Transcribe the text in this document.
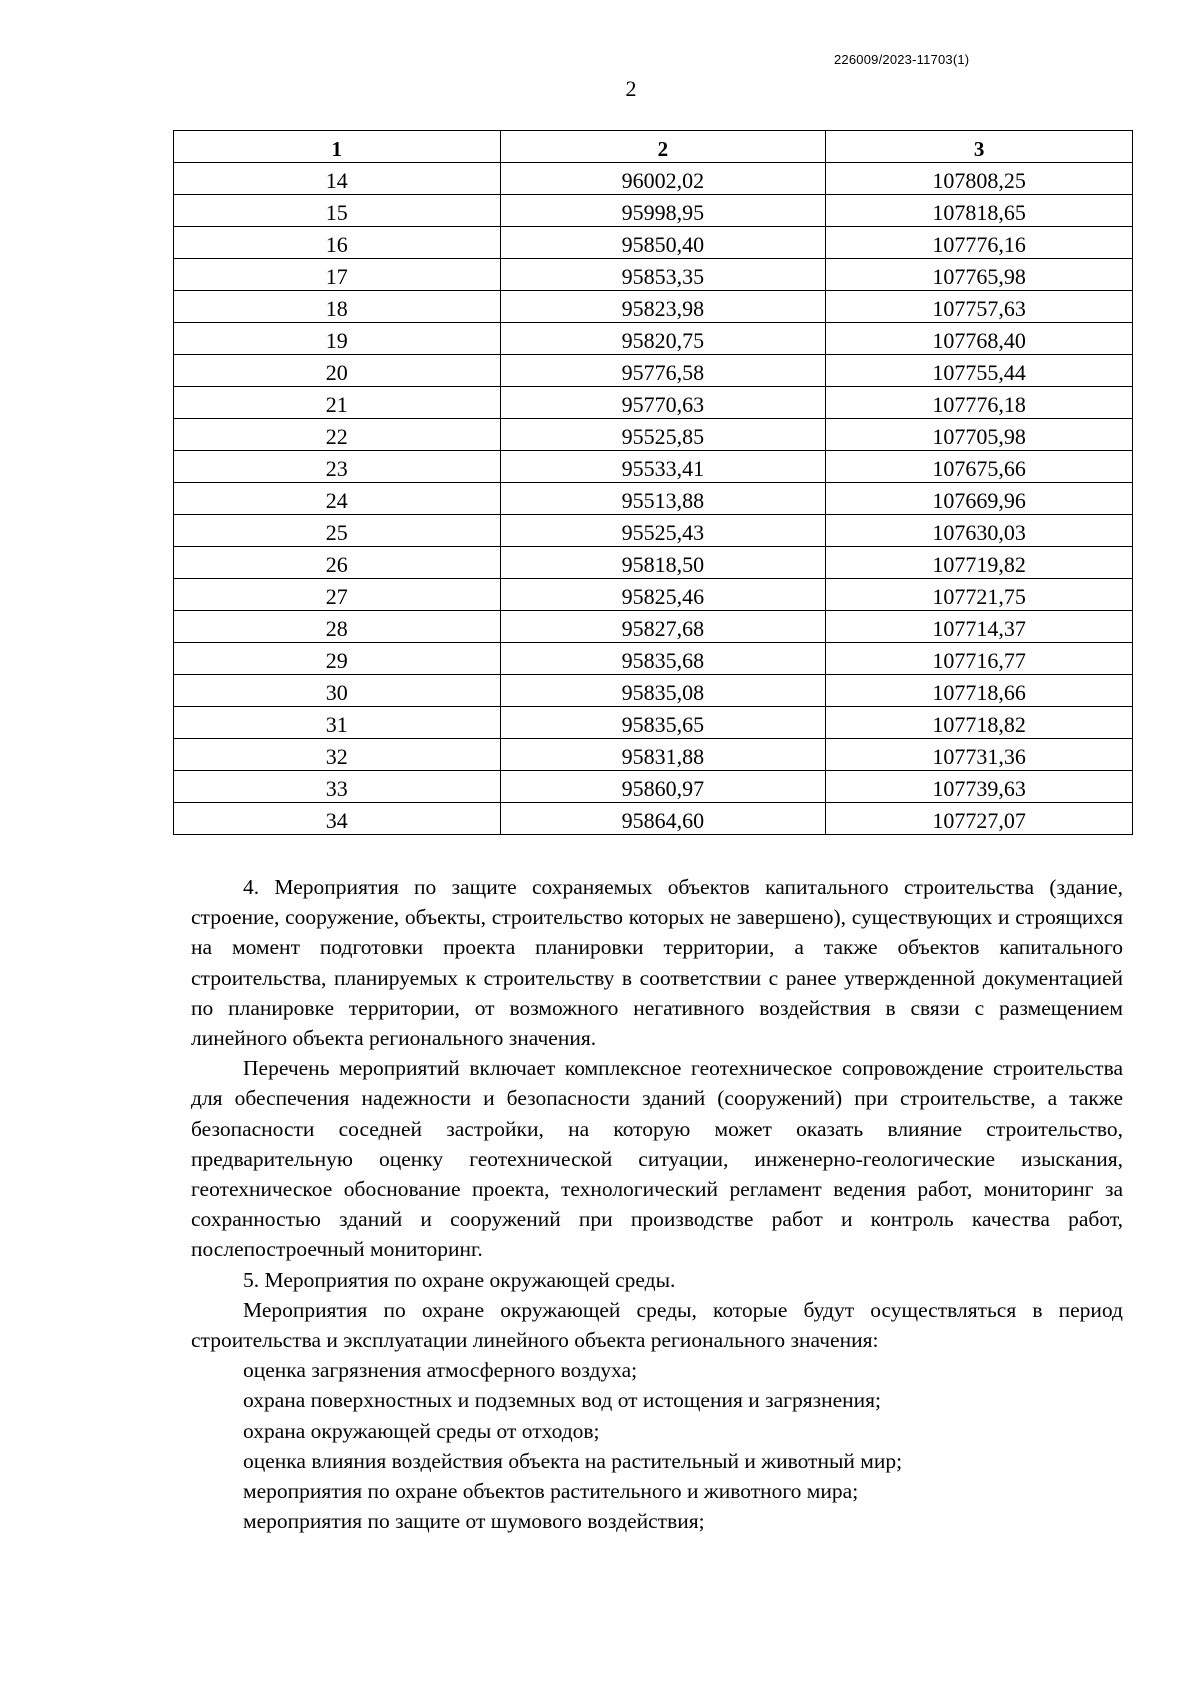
226009/2023-11703(1)
2
1	2	3
14	96002,02	107808,25
15	95998,95	107818,65
16	95850,40	107776,16
17	95853,35	107765,98
18	95823,98	107757,63
19	95820,75	107768,40
20	95776,58	107755,44
21	95770,63	107776,18
22	95525,85	107705,98
23	95533,41	107675,66
24	95513,88	107669,96
25	95525,43	107630,03
26	95818,50	107719,82
27	95825,46	107721,75
28	95827,68	107714,37
29	95835,68	107716,77
30	95835,08	107718,66
31	95835,65	107718,82
32	95831,88	107731,36
33	95860,97	107739,63
34	95864,60	107727,07

4. Мероприятия по защите сохраняемых объектов капитального строительства (здание, строение, сооружение, объекты, строительство которых не завершено), существующих и строящихся на момент подготовки проекта планировки территории, а также объектов капитального строительства, планируемых к строительству в соответствии с ранее утвержденной документацией по планировке территории, от возможного негативного воздействия в связи с размещением линейного объекта регионального значения.

Перечень мероприятий включает комплексное геотехническое сопровождение строительства для обеспечения надежности и безопасности зданий (сооружений) при строительстве, а также безопасности соседней застройки, на которую может оказать влияние строительство, предварительную оценку геотехнической ситуации, инженерно-геологические изыскания, геотехническое обоснование проекта, технологический регламент ведения работ, мониторинг за сохранностью зданий и сооружений при производстве работ и контроль качества работ, послепостроечный мониторинг.

5. Мероприятия по охране окружающей среды.

Мероприятия по охране окружающей среды, которые будут осуществляться в период строительства и эксплуатации линейного объекта регионального значения:

оценка загрязнения атмосферного воздуха;

охрана поверхностных и подземных вод от истощения и загрязнения;

охрана окружающей среды от отходов;

оценка влияния воздействия объекта на растительный и животный мир;

мероприятия по охране объектов растительного и животного мира;

мероприятия по защите от шумового воздействия;
